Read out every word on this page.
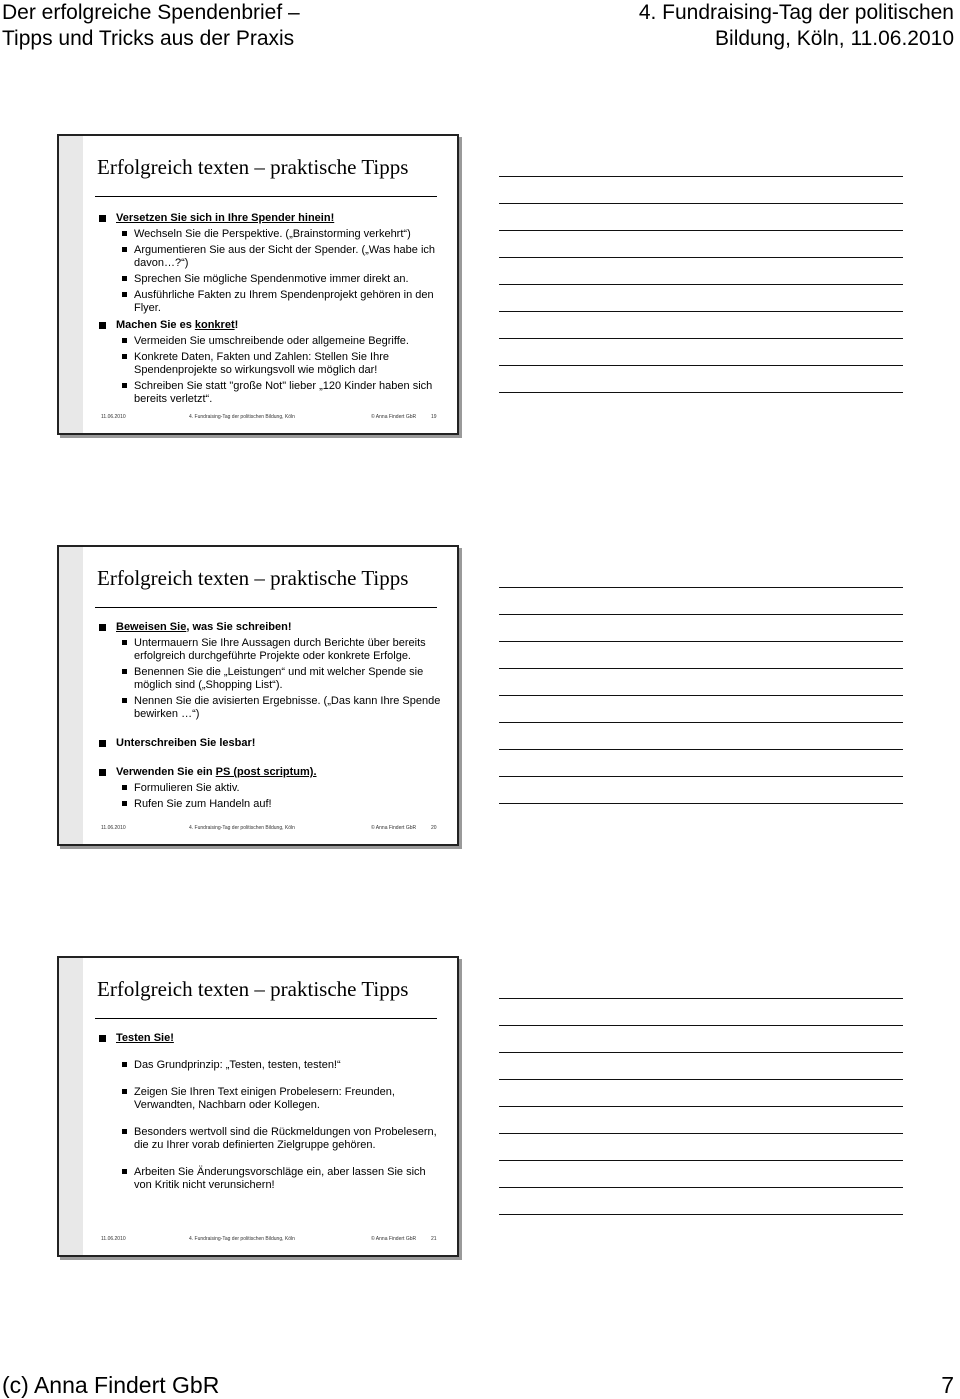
Der erfolgreiche Spendenbrief –
Tipps und Tricks aus der Praxis
4. Fundraising-Tag der politischen
Bildung, Köln, 11.06.2010
Erfolgreich texten – praktische Tipps
Versetzen Sie sich in Ihre Spender hinein!
Wechseln Sie die Perspektive. („Brainstorming verkehrt“)
Argumentieren Sie aus der Sicht der Spender. („Was habe ich davon…?“)
Sprechen Sie mögliche Spendenmotive immer direkt an.
Ausführliche Fakten zu Ihrem Spendenprojekt gehören in den Flyer.
Machen Sie es konkret!
Vermeiden Sie umschreibende oder allgemeine Begriffe.
Konkrete Daten, Fakten und Zahlen: Stellen Sie Ihre Spendenprojekte so wirkungsvoll wie möglich dar!
Schreiben Sie statt "große Not" lieber „120 Kinder haben sich bereits verletzt“.
11.06.2010	4. Fundraising-Tag der politischen Bildung, Köln	© Anna Findert GbR	19
Erfolgreich texten – praktische Tipps
Beweisen Sie, was Sie schreiben!
Untermauern Sie Ihre Aussagen durch Berichte über bereits erfolgreich durchgeführte Projekte oder konkrete Erfolge.
Benennen Sie die „Leistungen“ und mit welcher Spende sie möglich sind („Shopping List“).
Nennen Sie die avisierten Ergebnisse. („Das kann Ihre Spende bewirken …“)
Unterschreiben Sie lesbar!
Verwenden Sie ein PS (post scriptum).
Formulieren Sie aktiv.
Rufen Sie zum Handeln auf!
11.06.2010	4. Fundraising-Tag der politischen Bildung, Köln	© Anna Findert GbR	20
Erfolgreich texten – praktische Tipps
Testen Sie!
Das Grundprinzip: „Testen, testen, testen!“
Zeigen Sie Ihren Text einigen Probelesern: Freunden, Verwandten, Nachbarn oder Kollegen.
Besonders wertvoll sind die Rückmeldungen von Probelesern, die zu Ihrer vorab definierten Zielgruppe gehören.
Arbeiten Sie Änderungsvorschläge ein, aber lassen Sie sich von Kritik nicht verunsichern!
11.06.2010	4. Fundraising-Tag der politischen Bildung, Köln	© Anna Findert GbR	21
(c) Anna Findert GbR	7
